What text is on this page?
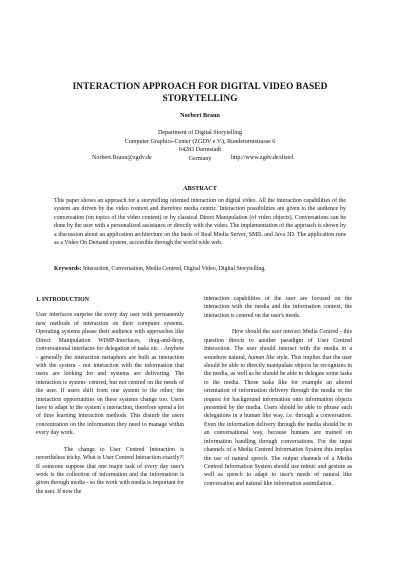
INTERACTION APPROACH FOR DIGITAL VIDEO BASED STORYTELLING
Norbert Braun
Department of Digital Storytelling
Computer Graphics-Center (ZGDV e.V.), Rundeturmstrasse 6
64283 Darmstadt
Germany
Norbert.Braun@zgdv.de	http://www.zgdv.de/distel
ABSTRACT
This paper shows an approach for a storytelling oriented interaction on digital video. All the interaction capabilities of the system are driven by the video context and therefore media centric. Interaction possibilities are given to the audience by conversation (on topics of the video content) or by classical Direct Manipulation (of video objects). Conversations can be done by the user with a personalized assistance or directly with the video. The implementation of the approach is shown by a discussion about an application architecture on the basis of Real Media Server, SMIL and Java 3D. The application runs as a Video On Demand system, accessible through the world wide web.
Keywords: Interaction, Conversation, Media Centred, Digital Video, Digital Storytelling.
1. INTRODUCTION

User interfaces surprise the every day user with permanently new methods of interaction on their computer systems. Operating systems please their audience with approaches like Direct Manipulation WIMP-Interfaces, drag-and-drop, conversational interfaces for delegation of tasks etc. . Anyhow - generally the interaction metaphors are built as interaction with the system - not interaction with the information that users are looking for and systems are delivering. The interaction is system- centred, but not centred on the needs of the user. If users shift from one system to the other, the interaction opportunities on these systems change too. Users have to adapt to the system´s interaction, therefore spend a lot of time learning interaction methods. This disturb the users concentration on the information they need to manage within every day work.

The change to User Centred Interaction is nevertheless tricky. What is User Centred Interaction exactly?! If someone suppose that one major task of every day user's work is the collection of information and the information is given through media - so the work with media is important for the user. If now the

interaction capabilities of the user are focused on the interaction with the media and the information context, the interaction is centred on the user's needs.

How should the user interact Media Centred - this question directs to another paradigm of User Centred Interaction. The user should interact with the media in a somehow natural, human like style. This implies that the user should be able to directly manipulate objects he recognizes in the media, as well as he should be able to delegate some tasks to the media. Those tasks like for example an altered orientation of information delivery through the media or the request for background information onto information objects presented by the media. Users should be able to phrase such delegations in a human like way, i.e. through a conversation. Even the information delivery through the media should be in an conversational way, because humans are trained on information handling through conversations. For the input channels of a Media Centred Information System this implies the use of natural speech. The output channels of a Media Centred Information System should use mimic and gesture as well as speech to adapt to user's needs of natural like conversation and natural like information assimilation.
